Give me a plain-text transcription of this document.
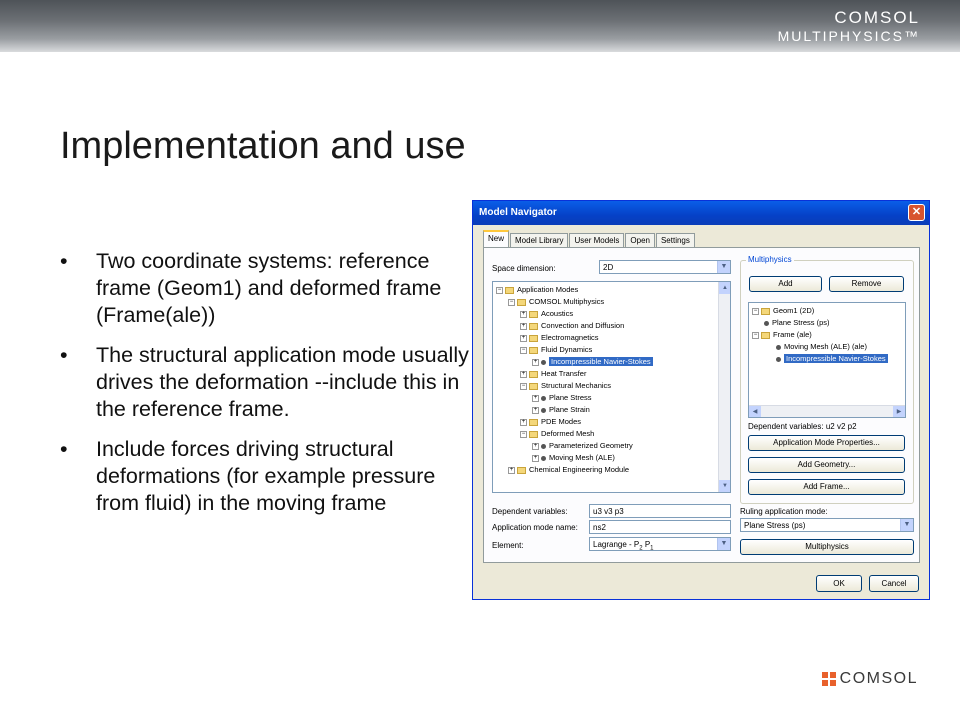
COMSOL
MULTIPHYSICS™
Implementation and use
•	Two coordinate systems: reference frame (Geom1) and deformed frame (Frame(ale))
•	The structural application mode usually drives the deformation --include this in the reference frame.
•	Include forces driving structural deformations (for example pressure from fluid) in the moving frame
Model Navigator	✕
New	Model Library	User Models	Open	Settings
Space dimension:	2D	▼
− Application Modes
− COMSOL Multiphysics
+ Acoustics
+ Convection and Diffusion
+ Electromagnetics
− Fluid Dynamics
+ Incompressible Navier-Stokes
+ Heat Transfer
− Structural Mechanics
+ Plane Stress
+ Plane Strain
+ PDE Modes
− Deformed Mesh
+ Parameterized Geometry
+ Moving Mesh (ALE)
+ Chemical Engineering Module
▲
▼
Dependent variables:	u3 v3 p3
Application mode name:	ns2
Element:	Lagrange - $P_2$ $P_1$
▼
Multiphysics
Add	Remove
− Geom1 (2D)
Plane Stress (ps)
− Frame (ale)
Moving Mesh (ALE) (ale)
Incompressible Navier-Stokes
◀	▶
Dependent variables: u2 v2 p2
Application Mode Properties...
Add Geometry...
Add Frame...
Ruling application mode:
Plane Stress (ps)	▼
Multiphysics
OK	Cancel
COMSOL
